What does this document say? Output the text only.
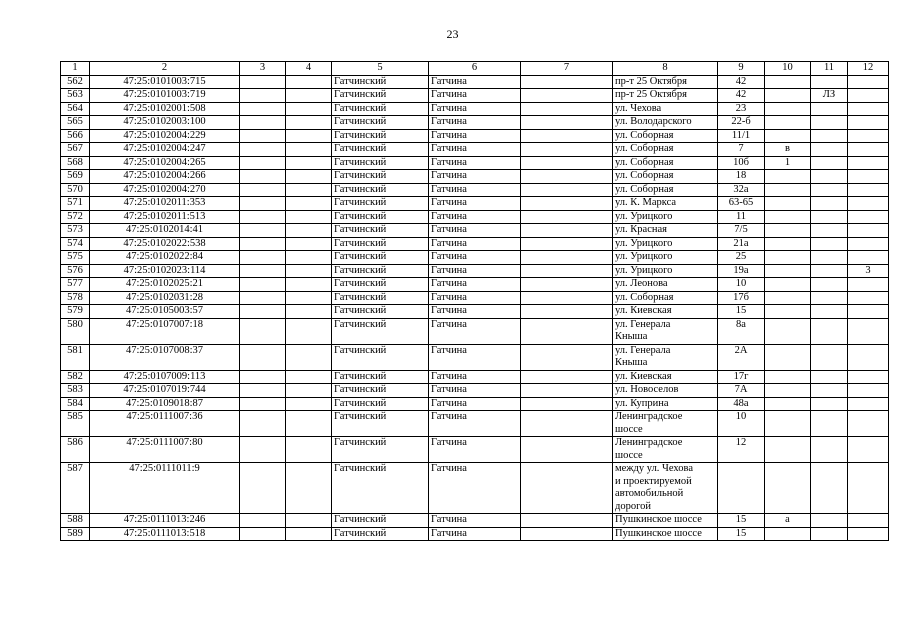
23
1	2	3	4	5	6	7	8	9	10	11	12
562	47:25:0101003:715			Гатчинский	Гатчина		пр-т 25 Октября	42			
563	47:25:0101003:719			Гатчинский	Гатчина		пр-т 25 Октября	42		ЛЗ	
564	47:25:0102001:508			Гатчинский	Гатчина		ул. Чехова	23			
565	47:25:0102003:100			Гатчинский	Гатчина		ул. Володарского	22-б			
566	47:25:0102004:229			Гатчинский	Гатчина		ул. Соборная	11/1			
567	47:25:0102004:247			Гатчинский	Гатчина		ул. Соборная	7	в		
568	47:25:0102004:265			Гатчинский	Гатчина		ул. Соборная	10б	1		
569	47:25:0102004:266			Гатчинский	Гатчина		ул. Соборная	18			
570	47:25:0102004:270			Гатчинский	Гатчина		ул. Соборная	32а			
571	47:25:0102011:353			Гатчинский	Гатчина		ул. К. Маркса	63-65			
572	47:25:0102011:513			Гатчинский	Гатчина		ул. Урицкого	11			
573	47:25:0102014:41			Гатчинский	Гатчина		ул. Красная	7/5			
574	47:25:0102022:538			Гатчинский	Гатчина		ул. Урицкого	21а			
575	47:25:0102022:84			Гатчинский	Гатчина		ул. Урицкого	25			
576	47:25:0102023:114			Гатчинский	Гатчина		ул. Урицкого	19а			3
577	47:25:0102025:21			Гатчинский	Гатчина		ул. Леонова	10			
578	47:25:0102031:28			Гатчинский	Гатчина		ул. Соборная	17б			
579	47:25:0105003:57			Гатчинский	Гатчина		ул. Киевская	15			
580	47:25:0107007:18			Гатчинский	Гатчина		ул. Генерала
Кныша	8а			
581	47:25:0107008:37			Гатчинский	Гатчина		ул. Генерала
Кныша	2А			
582	47:25:0107009:113			Гатчинский	Гатчина		ул. Киевская	17г			
583	47:25:0107019:744			Гатчинский	Гатчина		ул. Новоселов	7А			
584	47:25:0109018:87			Гатчинский	Гатчина		ул. Куприна	48а			
585	47:25:0111007:36			Гатчинский	Гатчина		Ленинградское
шоссе	10			
586	47:25:0111007:80			Гатчинский	Гатчина		Ленинградское
шоссе	12			
587	47:25:0111011:9			Гатчинский	Гатчина		между ул. Чехова
и проектируемой
автомобильной
дорогой				

588	47:25:0111013:246			Гатчинский	Гатчина		Пушкинское шоссе	15	а		
589	47:25:0111013:518			Гатчинский	Гатчина		Пушкинское шоссе	15			
